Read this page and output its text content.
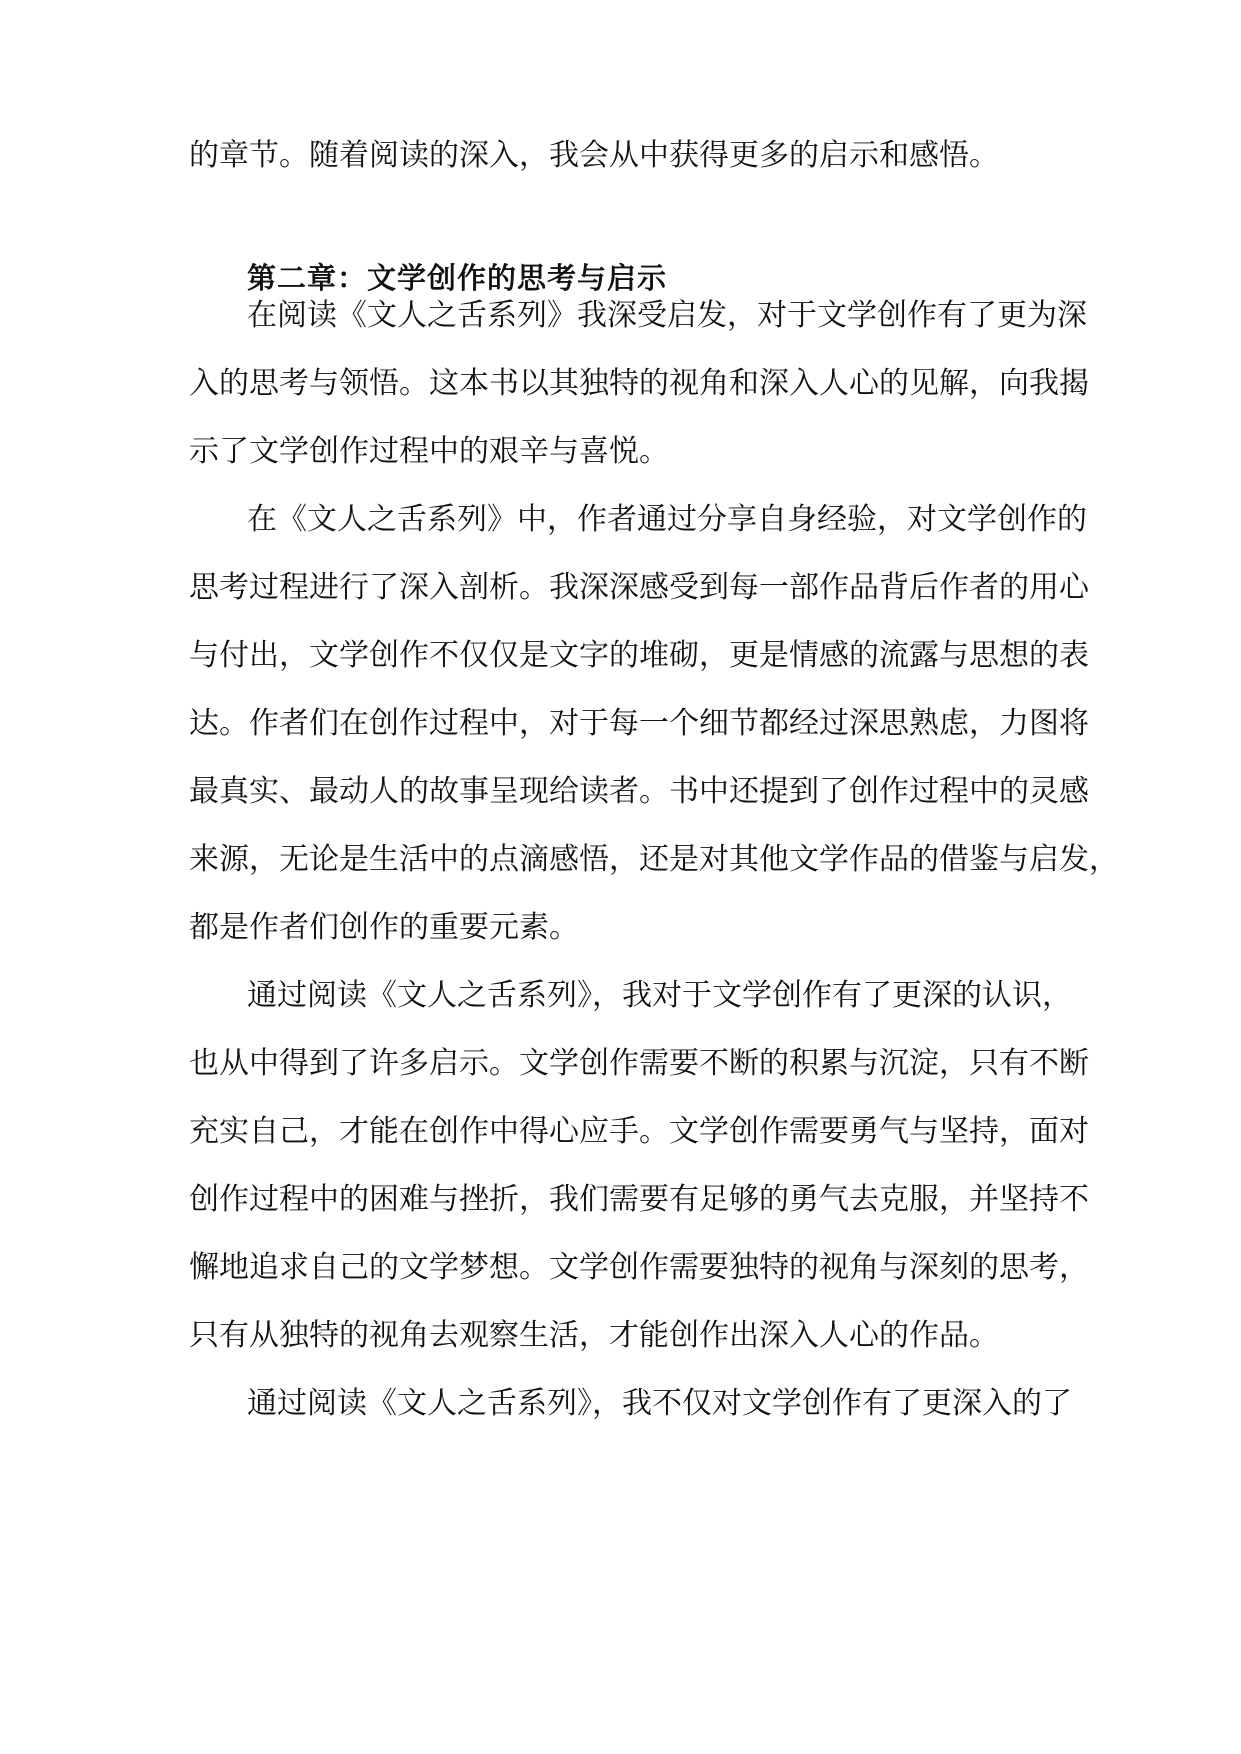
的章节。随着阅读的深入，我会从中获得更多的启示和感悟。
第二章：文学创作的思考与启示
在阅读《文人之舌系列》我深受启发，对于文学创作有了更为深
入的思考与领悟。这本书以其独特的视角和深入人心的见解，向我揭
示了文学创作过程中的艰辛与喜悦。
在《文人之舌系列》中，作者通过分享自身经验，对文学创作的
思考过程进行了深入剖析。我深深感受到每一部作品背后作者的用心
与付出，文学创作不仅仅是文字的堆砌，更是情感的流露与思想的表
达。作者们在创作过程中，对于每一个细节都经过深思熟虑，力图将
最真实、最动人的故事呈现给读者。书中还提到了创作过程中的灵感
来源，无论是生活中的点滴感悟，还是对其他文学作品的借鉴与启发，
都是作者们创作的重要元素。
通过阅读《文人之舌系列》，我对于文学创作有了更深的认识，
也从中得到了许多启示。文学创作需要不断的积累与沉淀，只有不断
充实自己，才能在创作中得心应手。文学创作需要勇气与坚持，面对
创作过程中的困难与挫折，我们需要有足够的勇气去克服，并坚持不
懈地追求自己的文学梦想。文学创作需要独特的视角与深刻的思考，
只有从独特的视角去观察生活，才能创作出深入人心的作品。
通过阅读《文人之舌系列》，我不仅对文学创作有了更深入的了
